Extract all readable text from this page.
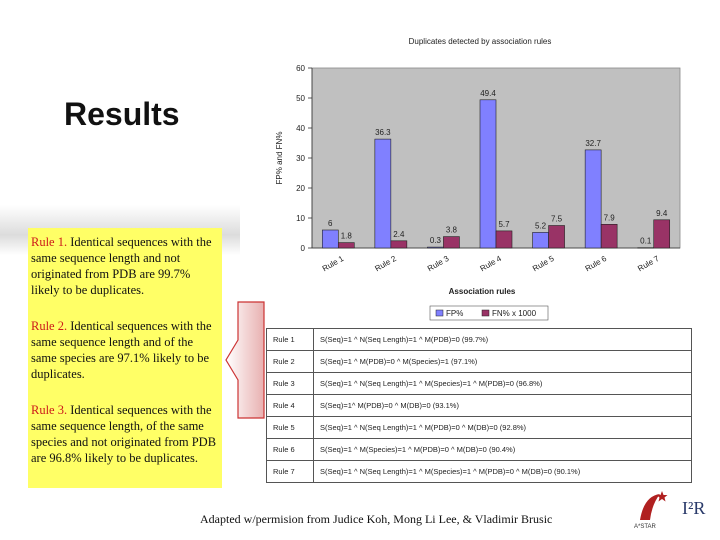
Results
Rule 1. Identical sequences with the same sequence length and not originated from PDB are 99.7% likely to be duplicates.
Rule 2. Identical sequences with the same sequence length and of the same species are 97.1% likely to be duplicates.
Rule 3. Identical sequences with the same sequence length, of the same species and not originated from PDB are 96.8% likely to be duplicates.
Duplicates detected by association rules
FP% and FN%
Association rules
0
10
20
30
40
50
60
6
1.8
Rule 1
36.3
2.4
Rule 2
0.3
3.8
Rule 3
49.4
5.7
Rule 4
5.2
7.5
Rule 5
32.7
7.9
Rule 6
0.1
9.4
Rule 7
FP%	FN% x 1000
Rule 1	S(Seq)=1 ^ N(Seq Length)=1 ^ M(PDB)=0 (99.7%)
Rule 2	S(Seq)=1 ^ M(PDB)=0 ^ M(Species)=1 (97.1%)
Rule 3	S(Seq)=1 ^ N(Seq Length)=1 ^ M(Species)=1 ^ M(PDB)=0 (96.8%)
Rule 4	S(Seq)=1^ M(PDB)=0 ^ M(DB)=0 (93.1%)
Rule 5	S(Seq)=1 ^ N(Seq Length)=1 ^ M(PDB)=0 ^ M(DB)=0 (92.8%)
Rule 6	S(Seq)=1 ^ M(Species)=1 ^ M(PDB)=0 ^ M(DB)=0 (90.4%)
Rule 7	S(Seq)=1 ^ N(Seq Length)=1 ^ M(Species)=1 ^ M(PDB)=0 ^ M(DB)=0 (90.1%)
Adapted w/permision from Judice Koh, Mong Li Lee, & Vladimir Brusic
A*STAR
I²R
